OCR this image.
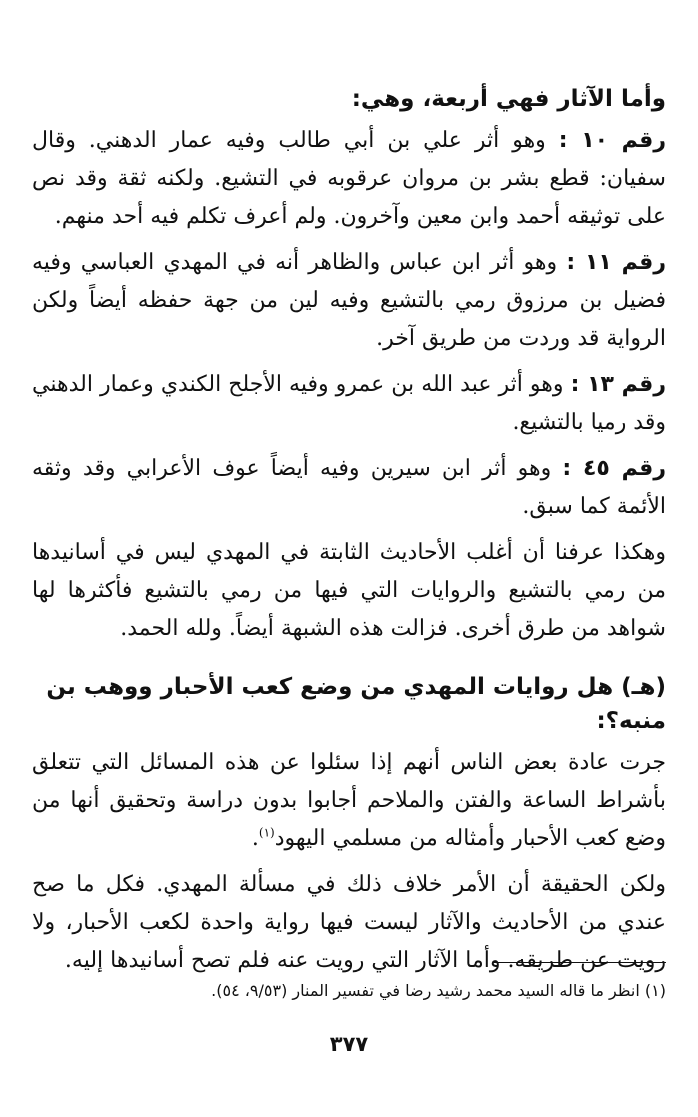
وأما الآثار فهي أربعة، وهي:

رقم ١٠ : وهو أثر علي بن أبي طالب وفيه عمار الدهني. وقال سفيان: قطع بشر بن مروان عرقوبه في التشيع. ولكنه ثقة وقد نص على توثيقه أحمد وابن معين وآخرون. ولم أعرف تكلم فيه أحد منهم.

رقم ١١ : وهو أثر ابن عباس والظاهر أنه في المهدي العباسي وفيه فضيل بن مرزوق رمي بالتشيع وفيه لين من جهة حفظه أيضاً ولكن الرواية قد وردت من طريق آخر.

رقم ١٣ : وهو أثر عبد الله بن عمرو وفيه الأجلح الكندي وعمار الدهني وقد رميا بالتشيع.

رقم ٤٥ : وهو أثر ابن سيرين وفيه أيضاً عوف الأعرابي وقد وثقه الأئمة كما سبق.

وهكذا عرفنا أن أغلب الأحاديث الثابتة في المهدي ليس في أسانيدها من رمي بالتشيع والروايات التي فيها من رمي بالتشيع فأكثرها لها شواهد من طرق أخرى. فزالت هذه الشبهة أيضاً. ولله الحمد.

(هـ) هل روايات المهدي من وضع كعب الأحبار ووهب بن منبه؟:

جرت عادة بعض الناس أنهم إذا سئلوا عن هذه المسائل التي تتعلق بأشراط الساعة والفتن والملاحم أجابوا بدون دراسة وتحقيق أنها من وضع كعب الأحبار وأمثاله من مسلمي اليهود$^{(١)}$.

ولكن الحقيقة أن الأمر خلاف ذلك في مسألة المهدي. فكل ما صح عندي من الأحاديث والآثار ليست فيها رواية واحدة لكعب الأحبار، ولا رويت عن طريقه. وأما الآثار التي رويت عنه فلم تصح أسانيدها إليه.

(١) انظر ما قاله السيد محمد رشيد رضا في تفسير المنار (٩/٥٣، ٥٤).

٣٧٧
